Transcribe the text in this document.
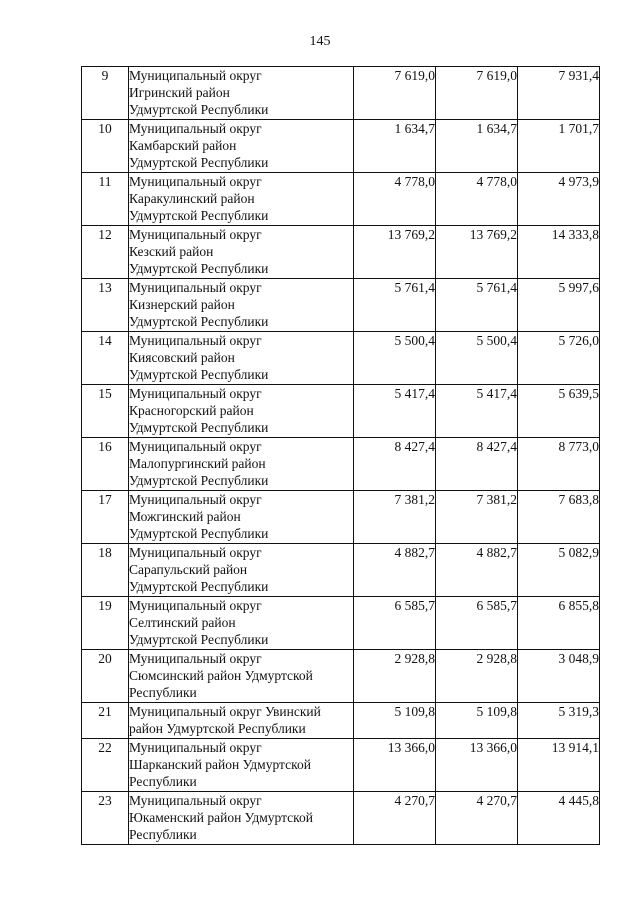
145
9	Муниципальный округ
Игринский район
Удмуртской Республики	7 619,0	7 619,0	7 931,4
10	Муниципальный округ
Камбарский район
Удмуртской Республики	1 634,7	1 634,7	1 701,7
11	Муниципальный округ
Каракулинский район
Удмуртской Республики	4 778,0	4 778,0	4 973,9
12	Муниципальный округ
Кезский район
Удмуртской Республики	13 769,2	13 769,2	14 333,8
13	Муниципальный округ
Кизнерский район
Удмуртской Республики	5 761,4	5 761,4	5 997,6
14	Муниципальный округ
Киясовский район
Удмуртской Республики	5 500,4	5 500,4	5 726,0
15	Муниципальный округ
Красногорский район
Удмуртской Республики	5 417,4	5 417,4	5 639,5
16	Муниципальный округ
Малопургинский район
Удмуртской Республики	8 427,4	8 427,4	8 773,0
17	Муниципальный округ
Можгинский район
Удмуртской Республики	7 381,2	7 381,2	7 683,8
18	Муниципальный округ
Сарапульский район
Удмуртской Республики	4 882,7	4 882,7	5 082,9
19	Муниципальный округ
Селтинский район
Удмуртской Республики	6 585,7	6 585,7	6 855,8
20	Муниципальный округ
Сюмсинский район Удмуртской
Республики	2 928,8	2 928,8	3 048,9
21	Муниципальный округ Увинский
район Удмуртской Республики	5 109,8	5 109,8	5 319,3
22	Муниципальный округ
Шарканский район Удмуртской
Республики	13 366,0	13 366,0	13 914,1
23	Муниципальный округ
Юкаменский район Удмуртской
Республики	4 270,7	4 270,7	4 445,8
